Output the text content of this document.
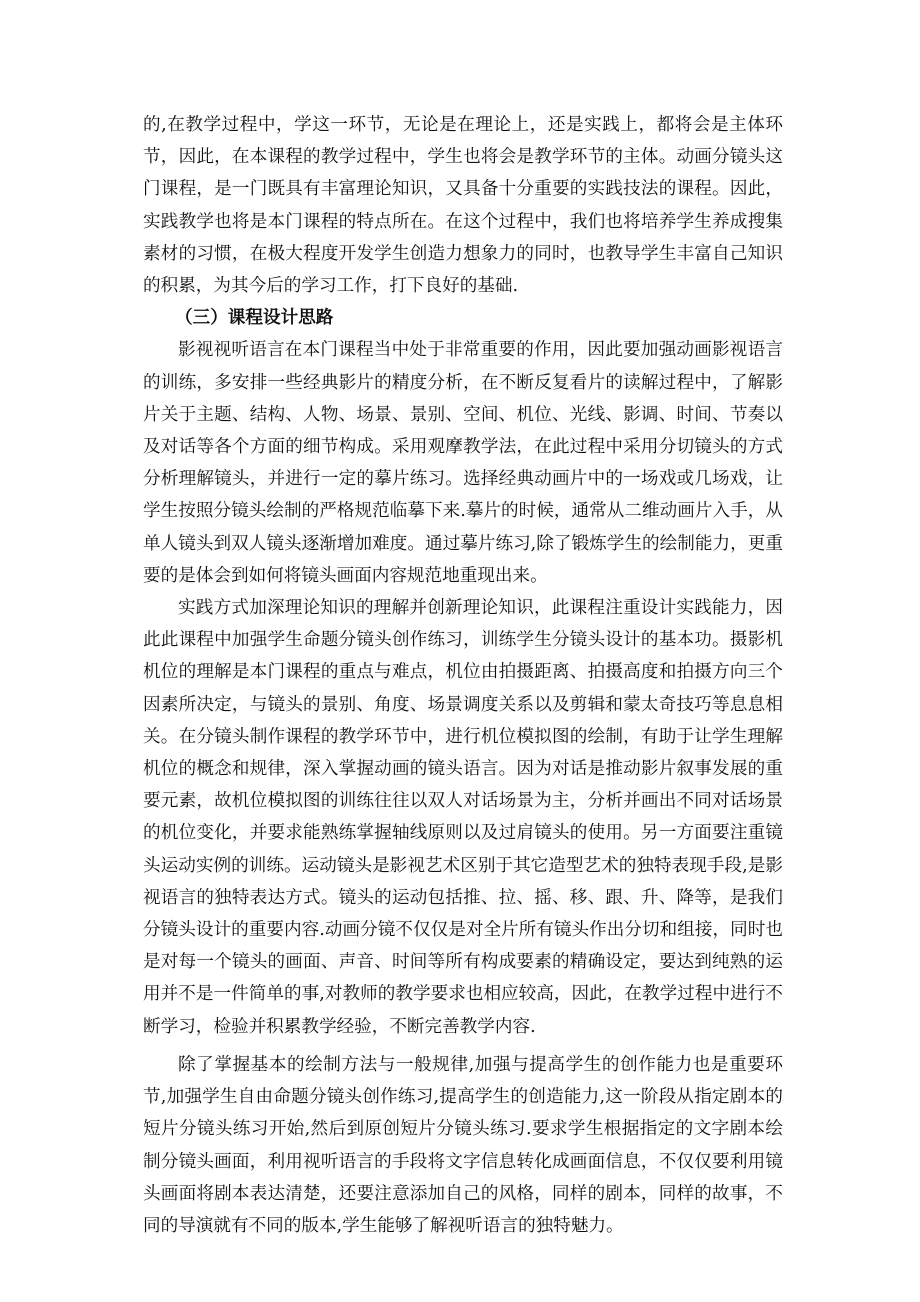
的,在教学过程中，学这一环节，无论是在理论上，还是实践上，都将会是主体环节，因此，在本课程的教学过程中，学生也将会是教学环节的主体。动画分镜头这门课程，是一门既具有丰富理论知识，又具备十分重要的实践技法的课程。因此，实践教学也将是本门课程的特点所在。在这个过程中，我们也将培养学生养成搜集素材的习惯，在极大程度开发学生创造力想象力的同时，也教导学生丰富自己知识的积累，为其今后的学习工作，打下良好的基础.

（三）课程设计思路

影视视听语言在本门课程当中处于非常重要的作用，因此要加强动画影视语言的训练，多安排一些经典影片的精度分析，在不断反复看片的读解过程中，了解影片关于主题、结构、人物、场景、景别、空间、机位、光线、影调、时间、节奏以及对话等各个方面的细节构成。采用观摩教学法，在此过程中采用分切镜头的方式分析理解镜头，并进行一定的摹片练习。选择经典动画片中的一场戏或几场戏，让学生按照分镜头绘制的严格规范临摹下来.摹片的时候，通常从二维动画片入手，从单人镜头到双人镜头逐渐增加难度。通过摹片练习,除了锻炼学生的绘制能力，更重要的是体会到如何将镜头画面内容规范地重现出来。

实践方式加深理论知识的理解并创新理论知识，此课程注重设计实践能力，因此此课程中加强学生命题分镜头创作练习，训练学生分镜头设计的基本功。摄影机机位的理解是本门课程的重点与难点，机位由拍摄距离、拍摄高度和拍摄方向三个因素所决定，与镜头的景别、角度、场景调度关系以及剪辑和蒙太奇技巧等息息相关。在分镜头制作课程的教学环节中，进行机位模拟图的绘制，有助于让学生理解机位的概念和规律，深入掌握动画的镜头语言。因为对话是推动影片叙事发展的重要元素，故机位模拟图的训练往往以双人对话场景为主，分析并画出不同对话场景的机位变化，并要求能熟练掌握轴线原则以及过肩镜头的使用。另一方面要注重镜头运动实例的训练。运动镜头是影视艺术区别于其它造型艺术的独特表现手段,是影视语言的独特表达方式。镜头的运动包括推、拉、摇、移、跟、升、降等，是我们分镜头设计的重要内容.动画分镜不仅仅是对全片所有镜头作出分切和组接，同时也是对每一个镜头的画面、声音、时间等所有构成要素的精确设定，要达到纯熟的运用并不是一件简单的事,对教师的教学要求也相应较高，因此，在教学过程中进行不断学习，检验并积累教学经验，不断完善教学内容.

除了掌握基本的绘制方法与一般规律,加强与提高学生的创作能力也是重要环节,加强学生自由命题分镜头创作练习,提高学生的创造能力,这一阶段从指定剧本的短片分镜头练习开始,然后到原创短片分镜头练习.要求学生根据指定的文字剧本绘制分镜头画面，利用视听语言的手段将文字信息转化成画面信息，不仅仅要利用镜头画面将剧本表达清楚，还要注意添加自己的风格，同样的剧本，同样的故事，不同的导演就有不同的版本,学生能够了解视听语言的独特魅力。
